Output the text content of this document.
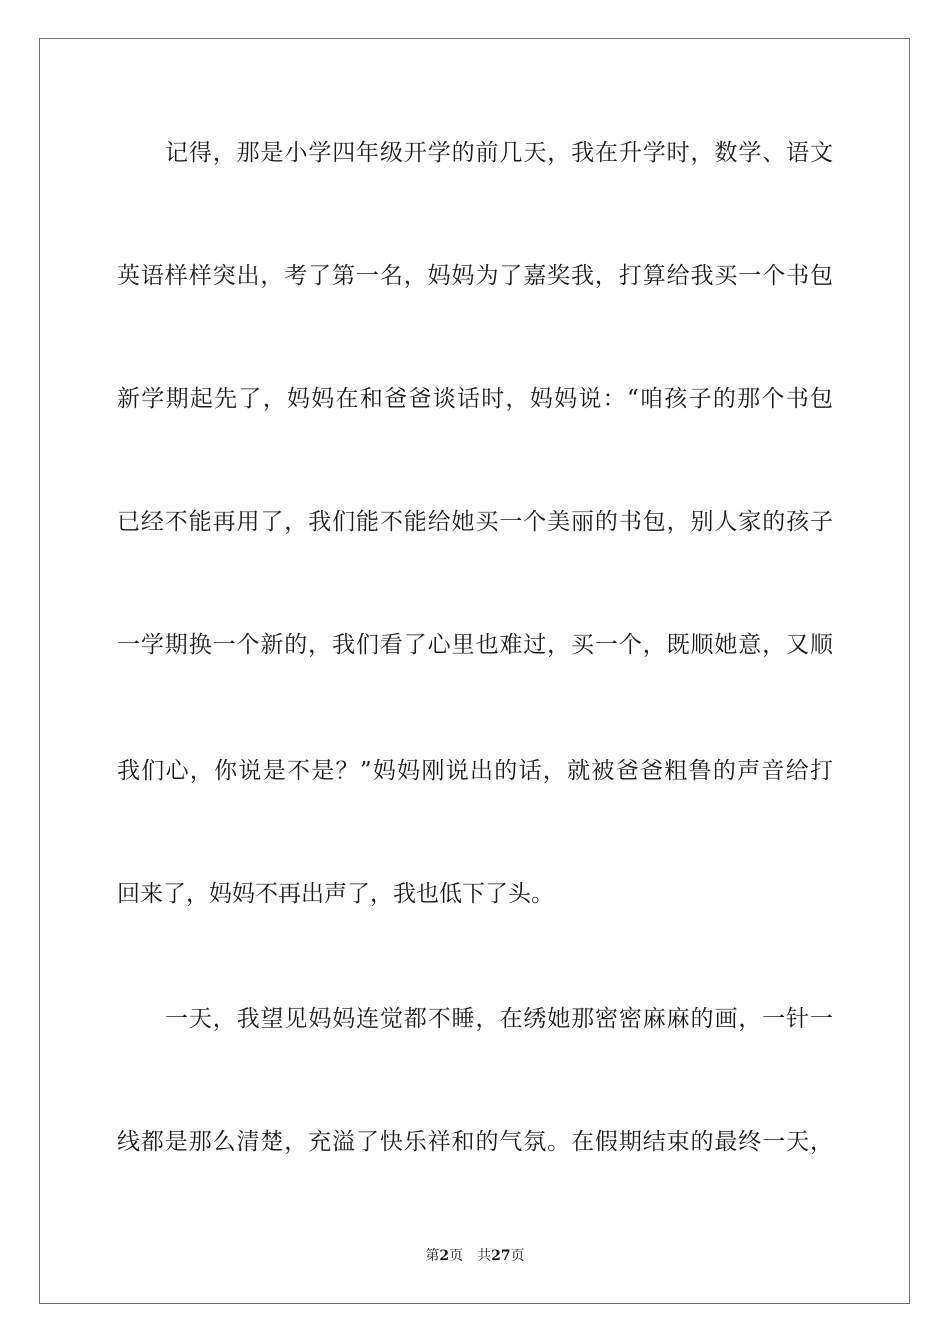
记得，那是小学四年级开学的前几天，我在升学时，数学、语文
英语样样突出，考了第一名，妈妈为了嘉奖我，打算给我买一个书包
新学期起先了，妈妈在和爸爸谈话时，妈妈说：“咱孩子的那个书包
已经不能再用了，我们能不能给她买一个美丽的书包，别人家的孩子
一学期换一个新的，我们看了心里也难过，买一个，既顺她意，又顺
我们心，你说是不是？”妈妈刚说出的话，就被爸爸粗鲁的声音给打
回来了，妈妈不再出声了，我也低下了头。
一天，我望见妈妈连觉都不睡，在绣她那密密麻麻的画，一针一
线都是那么清楚，充溢了快乐祥和的气氛。在假期结束的最终一天，
第2页 共27页
